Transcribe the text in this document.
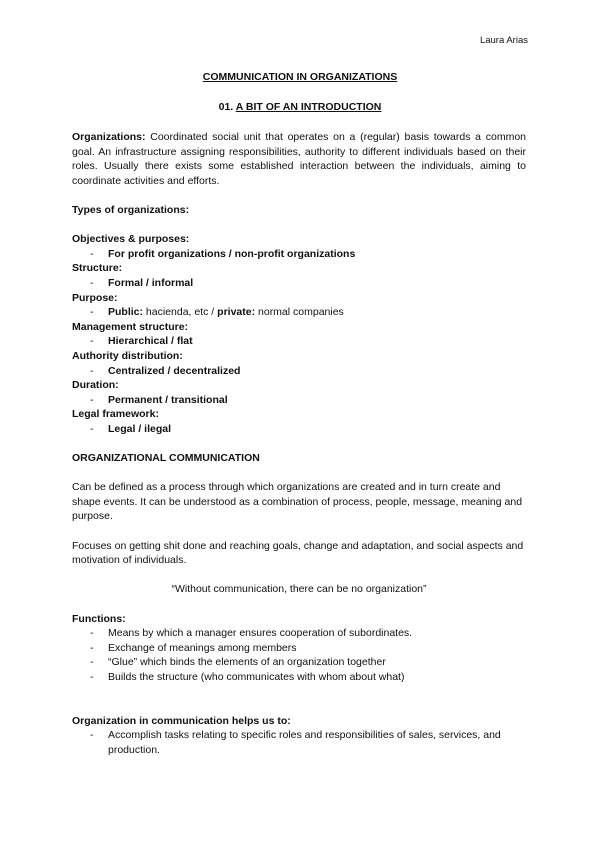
Laura Arias
COMMUNICATION IN ORGANIZATIONS
01. A BIT OF AN INTRODUCTION

Organizations: Coordinated social unit that operates on a (regular) basis towards a common goal. An infrastructure assigning responsibilities, authority to different individuals based on their roles. Usually there exists some established interaction between the individuals, aiming to coordinate activities and efforts.

Types of organizations:

Objectives & purposes:

- For profit organizations / non-profit organizations

Structure:

- Formal / informal

Purpose:

- Public: hacienda, etc / private: normal companies

Management structure:

- Hierarchical / flat

Authority distribution:

- Centralized / decentralized

Duration:

- Permanent / transitional

Legal framework:

- Legal / ilegal

ORGANIZATIONAL COMMUNICATION

Can be defined as a process through which organizations are created and in turn create and shape events. It can be understood as a combination of process, people, message, meaning and purpose.

Focuses on getting shit done and reaching goals, change and adaptation, and social aspects and motivation of individuals.

“Without communication, there can be no organization”

Functions:

- Means by which a manager ensures cooperation of subordinates.
- Exchange of meanings among members
- “Glue” which binds the elements of an organization together
- Builds the structure (who communicates with whom about what)

Organization in communication helps us to:

- Accomplish tasks relating to specific roles and responsibilities of sales, services, and production.
